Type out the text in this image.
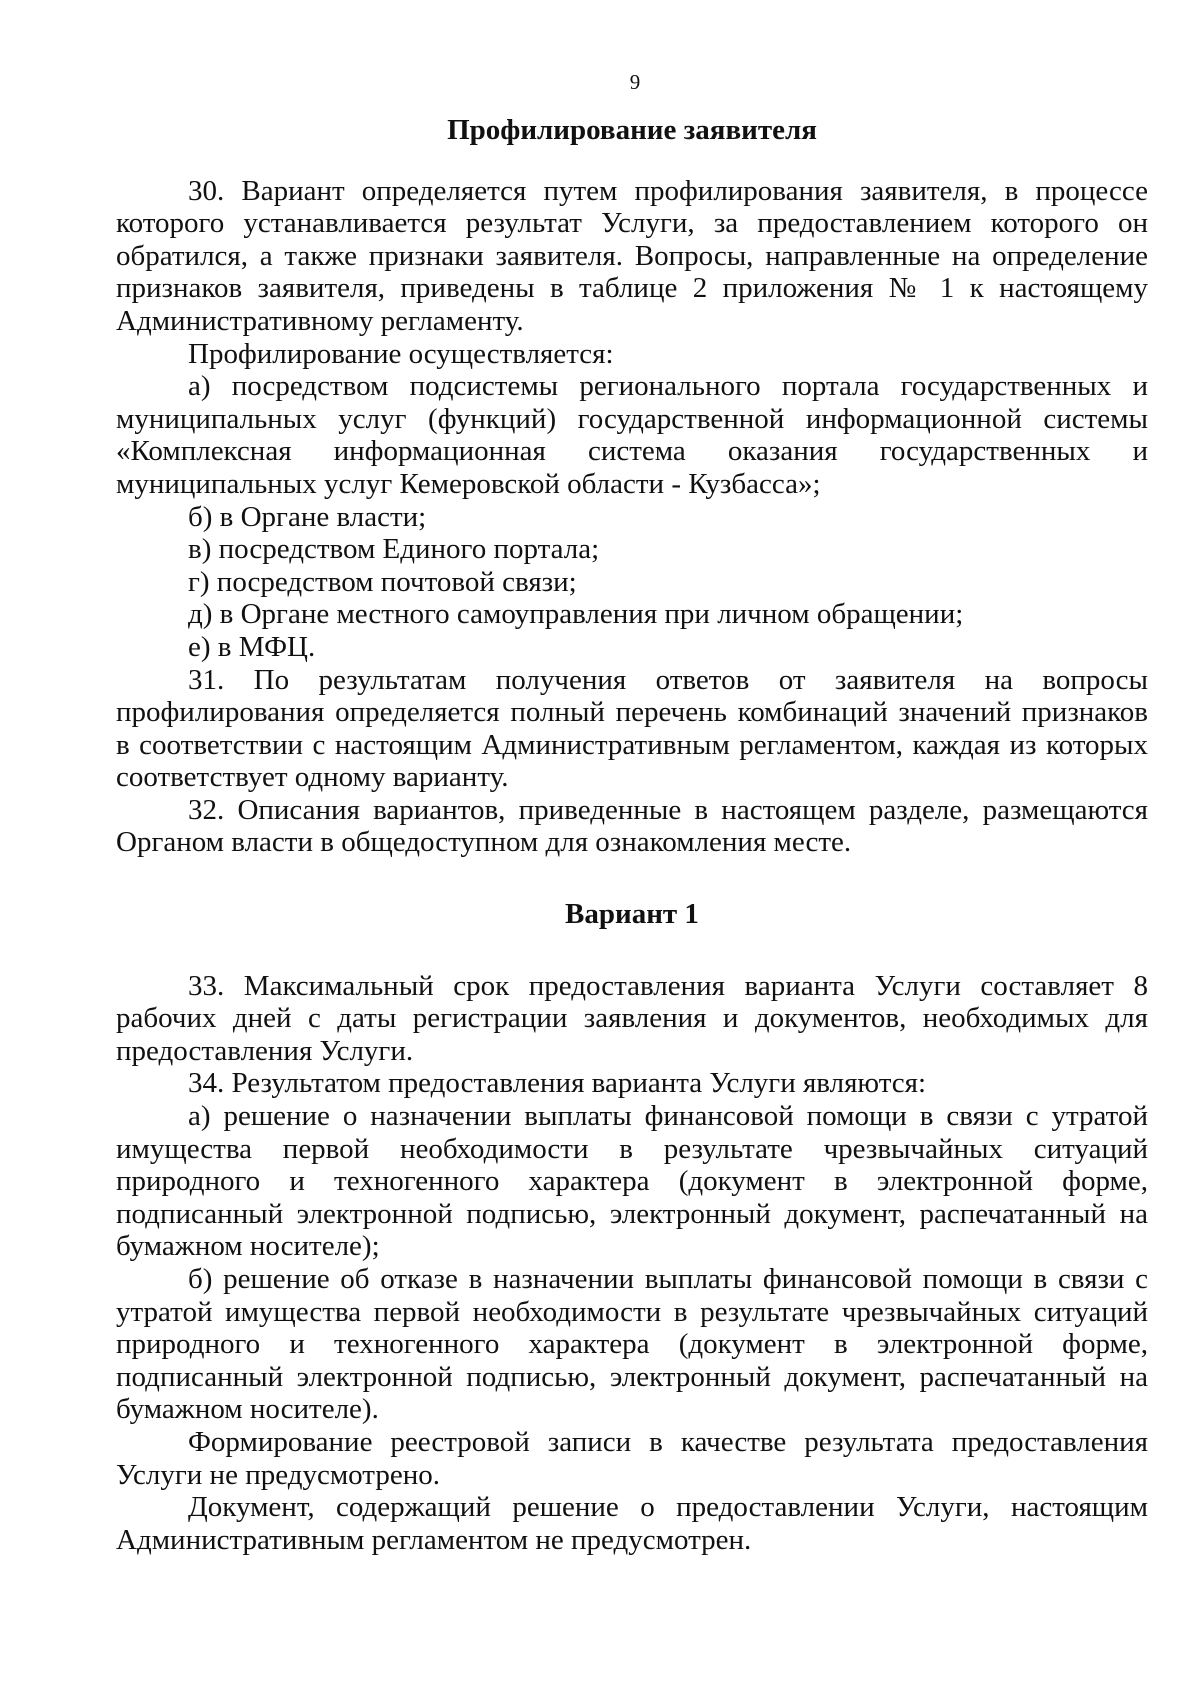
9

Профилирование заявителя

30. Вариант определяется путем профилирования заявителя, в процессе которого устанавливается результат Услуги, за предоставлением которого он обратился, а также признаки заявителя. Вопросы, направленные на определение признаков заявителя, приведены в таблице 2 приложения № 1 к настоящему Административному регламенту.

Профилирование осуществляется:

а) посредством подсистемы регионального портала государственных и муниципальных услуг (функций) государственной информационной системы «Комплексная информационная система оказания государственных и муниципальных услуг Кемеровской области - Кузбасса»;

б) в Органе власти;

в) посредством Единого портала;

г) посредством почтовой связи;

д) в Органе местного самоуправления при личном обращении;

е) в МФЦ.

31. По результатам получения ответов от заявителя на вопросы профилирования определяется полный перечень комбинаций значений признаков в соответствии с настоящим Административным регламентом, каждая из которых соответствует одному варианту.

32. Описания вариантов, приведенные в настоящем разделе, размещаются Органом власти в общедоступном для ознакомления месте.

Вариант 1

33. Максимальный срок предоставления варианта Услуги составляет 8 рабочих дней с даты регистрации заявления и документов, необходимых для предоставления Услуги.

34. Результатом предоставления варианта Услуги являются:

а) решение о назначении выплаты финансовой помощи в связи с утратой имущества первой необходимости в результате чрезвычайных ситуаций природного и техногенного характера (документ в электронной форме, подписанный электронной подписью, электронный документ, распечатанный на бумажном носителе);

б) решение об отказе в назначении выплаты финансовой помощи в связи с утратой имущества первой необходимости в результате чрезвычайных ситуаций природного и техногенного характера (документ в электронной форме, подписанный электронной подписью, электронный документ, распечатанный на бумажном носителе).

Формирование реестровой записи в качестве результата предоставления Услуги не предусмотрено.

Документ, содержащий решение о предоставлении Услуги, настоящим Административным регламентом не предусмотрен.
